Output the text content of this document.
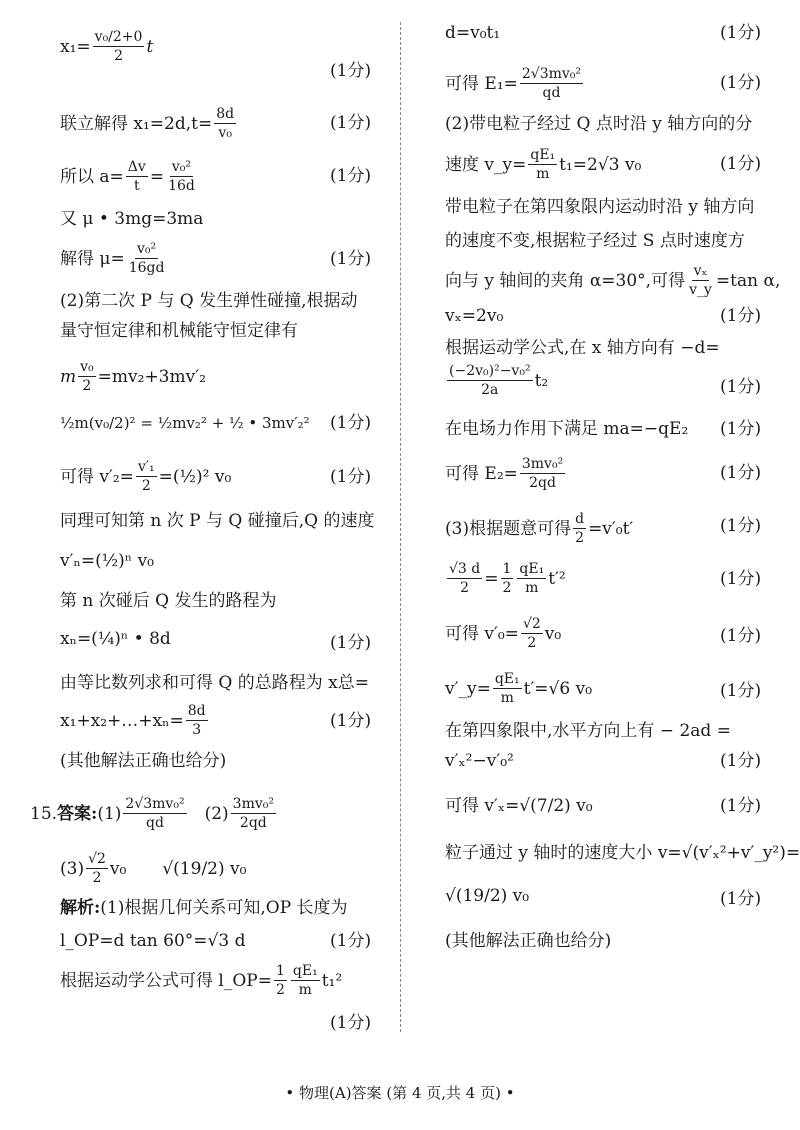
$x_1= \frac{\text{v₀/2+0}}{2}$ t
(1分)
联立解得 $x_1=2d,t= \frac{8d}{\text{v₀}}$	(1分)
所以 $a= \frac{\Delta v}{t} = \frac{\text{v₀²}}{16d}$	(1分)
又 μ • 3mg=3ma
解得 $\mu= \frac{\text{v₀²}}{16gd}$	(1分)
(2)第二次 P 与 Q 发生弹性碰撞,根据动
量守恒定律和机械能守恒定律有
m $\frac{\text{v₀}}{2} =mv_2+3mv'_2$
½m(v₀/2)² = ½mv₂² + ½ • 3mv′₂² (1分)
可得 $v'_2= \frac{\text{v′₁}}{2}$ =(½)² v₀	(1分)
同理可知第 n 次 P 与 Q 碰撞后,Q 的速度
v′ₙ=(½)ⁿ v₀
第 n 次碰后 Q 发生的路程为
xₙ=(¼)ⁿ • 8d	(1分)
由等比数列求和可得 Q 的总路程为 x总=
x₁+x₂+…+xₙ= $\frac{8d}{3}$	(1分)
(其他解法正确也给分)
15. 答案: $(1) \frac{\text{2√3mv₀²}}{qd} (2) \frac{\text{3mv₀²}}{2qd}$
$(3) \frac{√2}{2} v_0$ √(19/2) v₀
解析: (1)根据几何关系可知,OP 长度为
l_OP=d tan 60°=√3 d	(1分)
根据运动学公式可得 l_OP= $\frac{1}{2} \frac{\text{qE₁}}{m} t_1^2$
(1分)
d=v₀t₁	(1分)
可得 $E_1= \frac{\text{2√3mv₀²}}{qd}$	(1分)
(2)带电粒子经过 Q 点时沿 y 轴方向的分
速度 v_y= $\frac{\text{qE₁}}{m} t_1=2√3$ v₀	(1分)
带电粒子在第四象限内运动时沿 y 轴方向
的速度不变,根据粒子经过 S 点时速度方
向与 y 轴间的夹角 α=30°,可得 $\frac{\text{vₓ}}{v\_y} =\tan$ α,
vₓ=2v₀	(1分)
根据运动学公式,在 x 轴方向有 −d=
$\frac{\text{(−2v₀)²−v₀²}}{2a} t_2$	(1分)
在电场力作用下满足 ma=−qE₂ (1分)
可得 $E_2= \frac{\text{3mv₀²}}{2qd}$	(1分)
(3)根据题意可得 $\frac{d}{2} =v'_0t'$	(1分)
$\frac{√3 d}{2} = \frac{1}{2} \frac{\text{qE₁}}{m} t'^2$	(1分)
可得 $v'_0= \frac{√2}{2} v_0$	(1分)
v′_y= $\frac{\text{qE₁}}{m} t'=√6$ v₀	(1分)
在第四象限中,水平方向上有 − 2ad =
v′ₓ²−v′₀²	(1分)
可得 v′ₓ=√(7/2) v₀	(1分)
粒子通过 y 轴时的速度大小 v=√(v′ₓ²+v′_y²)=
√(19/2) v₀	(1分)
(其他解法正确也给分)
• 物理(A)答案 (第 4 页,共 4 页) •
